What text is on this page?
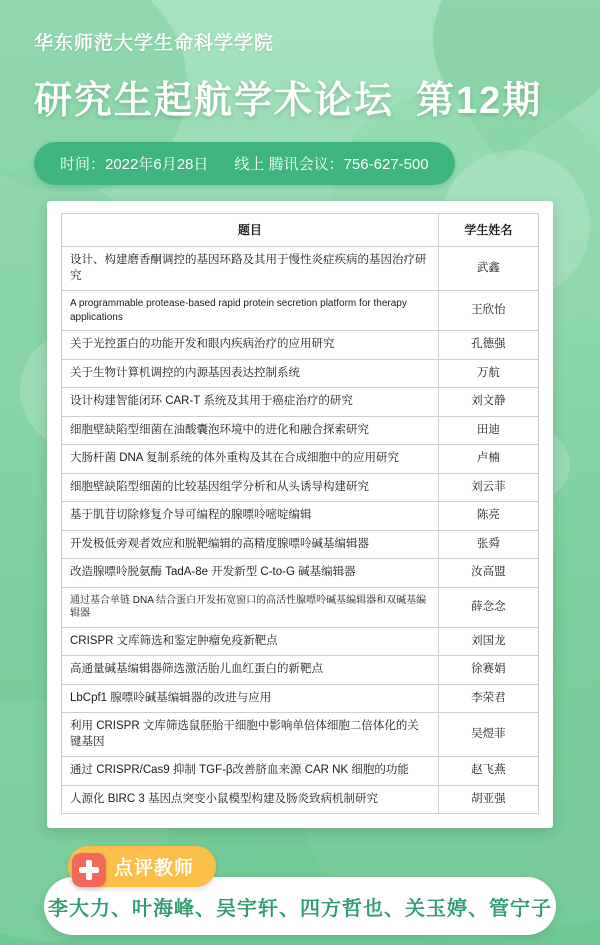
华东师范大学生命科学学院
研究生起航学术论坛 第12期
时间：2022年6月28日 线上 腾讯会议：756-627-500
题目	学生姓名
设计、构建磨香酮调控的基因环路及其用于慢性炎症疾病的基因治疗研究	武鑫
A programmable protease-based rapid protein secretion platform for therapy applications	王欣怡
关于光控蛋白的功能开发和眼内疾病治疗的应用研究	孔德强
关于生物计算机调控的内源基因表达控制系统	万航
设计构建智能闭环 CAR‐T 系统及其用于癌症治疗的研究	刘文静
细胞壁缺陷型细菌在油酸囊泡环境中的进化和融合探索研究	田迪
大肠杆菌 DNA 复制系统的体外重构及其在合成细胞中的应用研究	卢楠
细胞壁缺陷型细菌的比较基因组学分析和从头诱导构建研究	刘云菲
基于肌苷切除修复介导可编程的腺嘌呤嘧啶编辑	陈亮
开发极低旁观者效应和脱靶编辑的高精度腺嘌呤碱基编辑器	张舜
改造腺嘌呤脱氨酶 TadA-8e 开发新型 C-to-G 碱基编辑器	汝高盟
通过基合单链 DNA 结合蛋白开发拓宽窗口的高活性腺嘌呤碱基编辑器和双碱基编辑器	薛念念
CRISPR 文库筛选和鉴定肿瘤免疫新靶点	刘国龙
高通量碱基编辑器筛选激活胎儿血红蛋白的新靶点	徐赛娟
LbCpf1 腺嘌呤碱基编辑器的改进与应用	李荣君
利用 CRISPR 文库筛选鼠胚胎干细胞中影响单倍体细胞二倍体化的关键基因	吴煜菲
通过 CRISPR/Cas9 抑制 TGF-β改善脐血来源 CAR NK 细胞的功能	赵飞燕
人源化 BIRC 3 基因点突变小鼠模型构建及肠炎致病机制研究	胡亚强
李大力、叶海峰、吴宇轩、四方哲也、关玉婷、管宁子
点评教师
